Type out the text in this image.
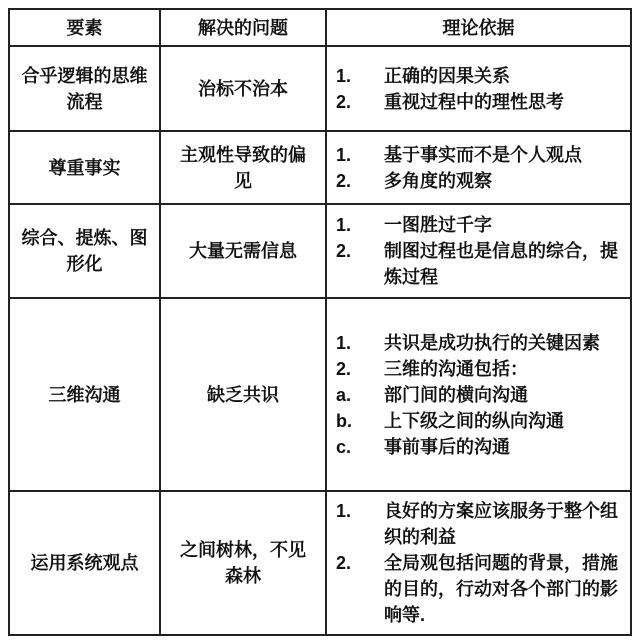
要素	解决的问题	理论依据
合乎逻辑的思维流程	治标不治本	1. 正确的因果关系
2. 重视过程中的理性思考

尊重事实	主观性导致的偏见	1. 基于事实而不是个人观点
2. 多角度的观察

综合、提炼、图形化	大量无需信息	1. 一图胜过千字
2. 制图过程也是信息的综合，提炼过程

三维沟通	缺乏共识	
1.	共识是成功执行的关键因素
2.	三维的沟通包括：
a.	部门间的横向沟通
b.	上下级之间的纵向沟通
c.	事前事后的沟通

运用系统观点	之间树林，不见森林	1. 良好的方案应该服务于整个组织的利益
2. 全局观包括问题的背景，措施的目的，行动对各个部门的影响等.
